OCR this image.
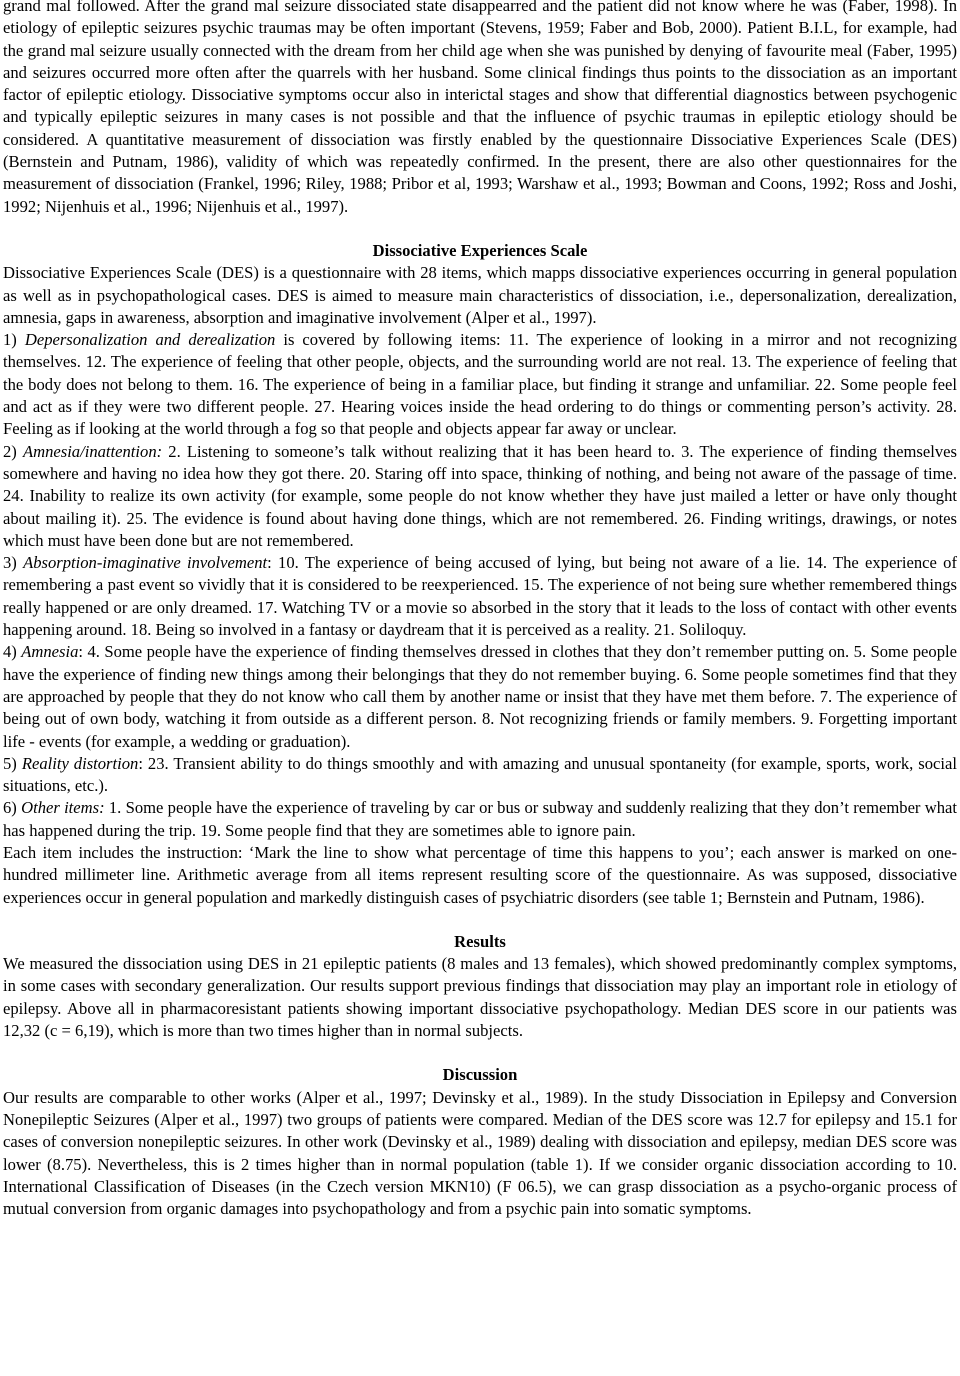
grand mal followed. After the grand mal seizure dissociated state disappearred and the patient did not know where he was (Faber, 1998). In etiology of epileptic seizures psychic traumas may be often important (Stevens, 1959; Faber and Bob, 2000). Patient B.I.L, for example, had the grand mal seizure usually connected with the dream from her child age when she was punished by denying of favourite meal (Faber, 1995) and seizures occurred more often after the quarrels with her husband. Some clinical findings thus points to the dissociation as an important factor of epileptic etiology. Dissociative symptoms occur also in interictal stages and show that differential diagnostics between psychogenic and typically epileptic seizures in many cases is not possible and that the influence of psychic traumas in epileptic etiology should be considered. A quantitative measurement of dissociation was firstly enabled by the questionnaire Dissociative Experiences Scale (DES) (Bernstein and Putnam, 1986), validity of which was repeatedly confirmed. In the present, there are also other questionnaires for the measurement of dissociation (Frankel, 1996; Riley, 1988; Pribor et al, 1993; Warshaw et al., 1993; Bowman and Coons, 1992; Ross and Joshi, 1992; Nijenhuis et al., 1996; Nijenhuis et al., 1997).

Dissociative Experiences Scale

Dissociative Experiences Scale (DES) is a questionnaire with 28 items, which mapps dissociative experiences occurring in general population as well as in psychopathological cases. DES is aimed to measure main characteristics of dissociation, i.e., depersonalization, derealization, amnesia, gaps in awareness, absorption and imaginative involvement (Alper et al., 1997).

1) Depersonalization and derealization is covered by following items: 11. The experience of looking in a mirror and not recognizing themselves. 12. The experience of feeling that other people, objects, and the surrounding world are not real. 13. The experience of feeling that the body does not belong to them. 16. The experience of being in a familiar place, but finding it strange and unfamiliar. 22. Some people feel and act as if they were two different people. 27. Hearing voices inside the head ordering to do things or commenting person’s activity. 28. Feeling as if looking at the world through a fog so that people and objects appear far away or unclear.

2) Amnesia/inattention: 2. Listening to someone’s talk without realizing that it has been heard to. 3. The experience of finding themselves somewhere and having no idea how they got there. 20. Staring off into space, thinking of nothing, and being not aware of the passage of time. 24. Inability to realize its own activity (for example, some people do not know whether they have just mailed a letter or have only thought about mailing it). 25. The evidence is found about having done things, which are not remembered. 26. Finding writings, drawings, or notes which must have been done but are not remembered.

3) Absorption-imaginative involvement: 10. The experience of being accused of lying, but being not aware of a lie. 14. The experience of remembering a past event so vividly that it is considered to be reexperienced. 15. The experience of not being sure whether remembered things really happened or are only dreamed. 17. Watching TV or a movie so absorbed in the story that it leads to the loss of contact with other events happening around. 18. Being so involved in a fantasy or daydream that it is perceived as a reality. 21. Soliloquy.

4) Amnesia: 4. Some people have the experience of finding themselves dressed in clothes that they don’t remember putting on. 5. Some people have the experience of finding new things among their belongings that they do not remember buying. 6. Some people sometimes find that they are approached by people that they do not know who call them by another name or insist that they have met them before. 7. The experience of being out of own body, watching it from outside as a different person. 8. Not recognizing friends or family members. 9. Forgetting important life - events (for example, a wedding or graduation).

5) Reality distortion: 23. Transient ability to do things smoothly and with amazing and unusual spontaneity (for example, sports, work, social situations, etc.).

6) Other items: 1. Some people have the experience of traveling by car or bus or subway and suddenly realizing that they don’t remember what has happened during the trip. 19. Some people find that they are sometimes able to ignore pain.

Each item includes the instruction: ‘Mark the line to show what percentage of time this happens to you’; each answer is marked on one-hundred millimeter line. Arithmetic average from all items represent resulting score of the questionnaire. As was supposed, dissociative experiences occur in general population and markedly distinguish cases of psychiatric disorders (see table 1; Bernstein and Putnam, 1986).

Results

We measured the dissociation using DES in 21 epileptic patients (8 males and 13 females), which showed predominantly complex symptoms, in some cases with secondary generalization. Our results support previous findings that dissociation may play an important role in etiology of epilepsy. Above all in pharmacoresistant patients showing important dissociative psychopathology. Median DES score in our patients was 12,32 (c = 6,19), which is more than two times higher than in normal subjects.

Discussion

Our results are comparable to other works (Alper et al., 1997; Devinsky et al., 1989). In the study Dissociation in Epilepsy and Conversion Nonepileptic Seizures (Alper et al., 1997) two groups of patients were compared. Median of the DES score was 12.7 for epilepsy and 15.1 for cases of conversion nonepileptic seizures. In other work (Devinsky et al., 1989) dealing with dissociation and epilepsy, median DES score was lower (8.75). Nevertheless, this is 2 times higher than in normal population (table 1). If we consider organic dissociation according to 10. International Classification of Diseases (in the Czech version MKN10) (F 06.5), we can grasp dissociation as a psycho-organic process of mutual conversion from organic damages into psychopathology and from a psychic pain into somatic symptoms.
